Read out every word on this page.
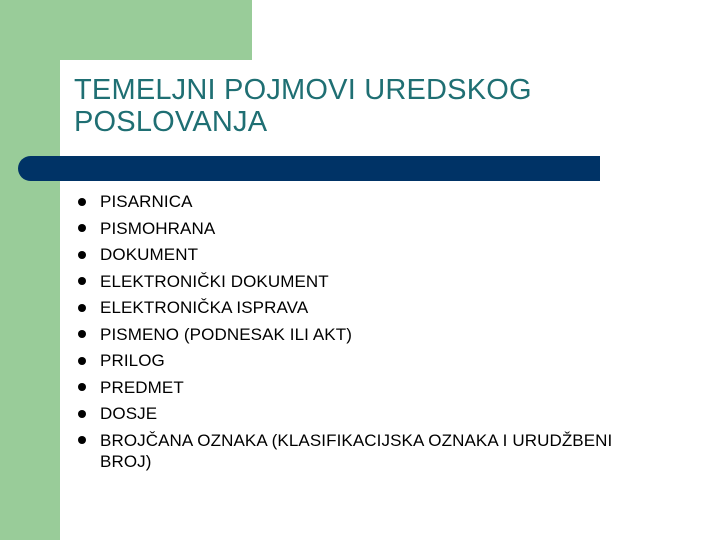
TEMELJNI POJMOVI UREDSKOG POSLOVANJA
PISARNICA
PISMOHRANA
DOKUMENT
ELEKTRONIČKI DOKUMENT
ELEKTRONIČKA ISPRAVA
PISMENO (PODNESAK ILI AKT)
PRILOG
PREDMET
DOSJE
BROJČANA OZNAKA (KLASIFIKACIJSKA OZNAKA I URUDŽBENI BROJ)
